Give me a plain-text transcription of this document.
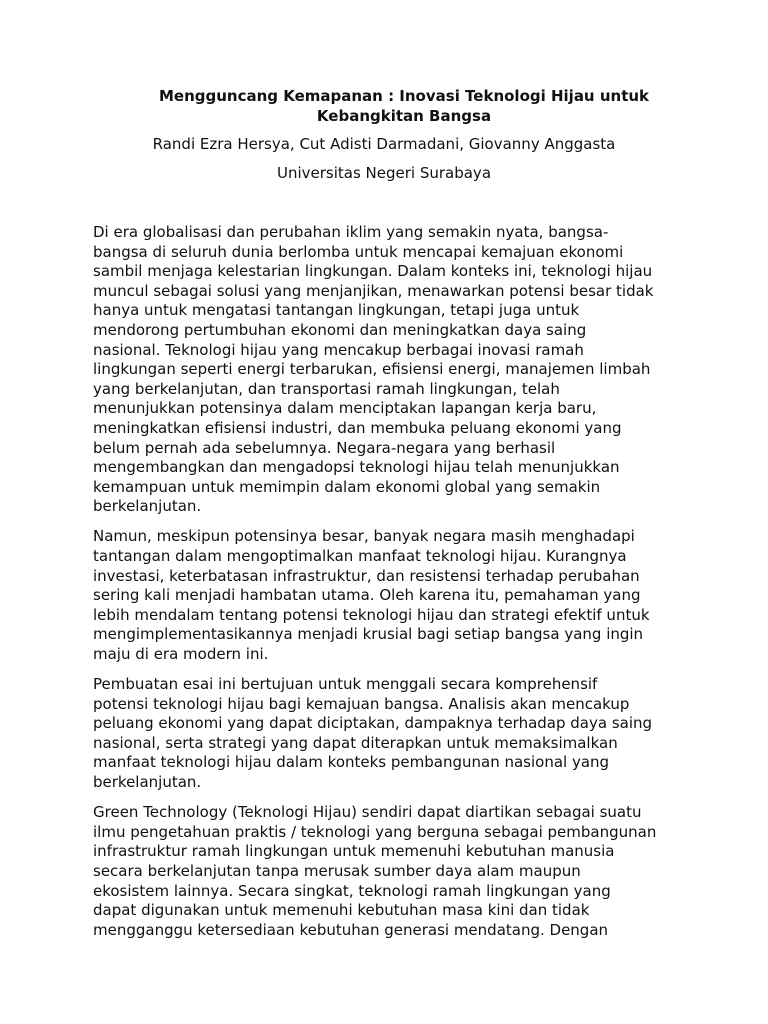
Mengguncang Kemapanan : Inovasi Teknologi Hijau untuk
Kebangkitan Bangsa
Randi Ezra Hersya, Cut Adisti Darmadani, Giovanny Anggasta
Universitas Negeri Surabaya
Di era globalisasi dan perubahan iklim yang semakin nyata, bangsa-
bangsa di seluruh dunia berlomba untuk mencapai kemajuan ekonomi
sambil menjaga kelestarian lingkungan. Dalam konteks ini, teknologi hijau
muncul sebagai solusi yang menjanjikan, menawarkan potensi besar tidak
hanya untuk mengatasi tantangan lingkungan, tetapi juga untuk
mendorong pertumbuhan ekonomi dan meningkatkan daya saing
nasional. Teknologi hijau yang mencakup berbagai inovasi ramah
lingkungan seperti energi terbarukan, efisiensi energi, manajemen limbah
yang berkelanjutan, dan transportasi ramah lingkungan, telah
menunjukkan potensinya dalam menciptakan lapangan kerja baru,
meningkatkan efisiensi industri, dan membuka peluang ekonomi yang
belum pernah ada sebelumnya. Negara-negara yang berhasil
mengembangkan dan mengadopsi teknologi hijau telah menunjukkan
kemampuan untuk memimpin dalam ekonomi global yang semakin
berkelanjutan.
Namun, meskipun potensinya besar, banyak negara masih menghadapi
tantangan dalam mengoptimalkan manfaat teknologi hijau. Kurangnya
investasi, keterbatasan infrastruktur, dan resistensi terhadap perubahan
sering kali menjadi hambatan utama. Oleh karena itu, pemahaman yang
lebih mendalam tentang potensi teknologi hijau dan strategi efektif untuk
mengimplementasikannya menjadi krusial bagi setiap bangsa yang ingin
maju di era modern ini.
Pembuatan esai ini bertujuan untuk menggali secara komprehensif
potensi teknologi hijau bagi kemajuan bangsa. Analisis akan mencakup
peluang ekonomi yang dapat diciptakan, dampaknya terhadap daya saing
nasional, serta strategi yang dapat diterapkan untuk memaksimalkan
manfaat teknologi hijau dalam konteks pembangunan nasional yang
berkelanjutan.
Green Technology (Teknologi Hijau) sendiri dapat diartikan sebagai suatu
ilmu pengetahuan praktis / teknologi yang berguna sebagai pembangunan
infrastruktur ramah lingkungan untuk memenuhi kebutuhan manusia
secara berkelanjutan tanpa merusak sumber daya alam maupun
ekosistem lainnya. Secara singkat, teknologi ramah lingkungan yang
dapat digunakan untuk memenuhi kebutuhan masa kini dan tidak
mengganggu ketersediaan kebutuhan generasi mendatang. Dengan
